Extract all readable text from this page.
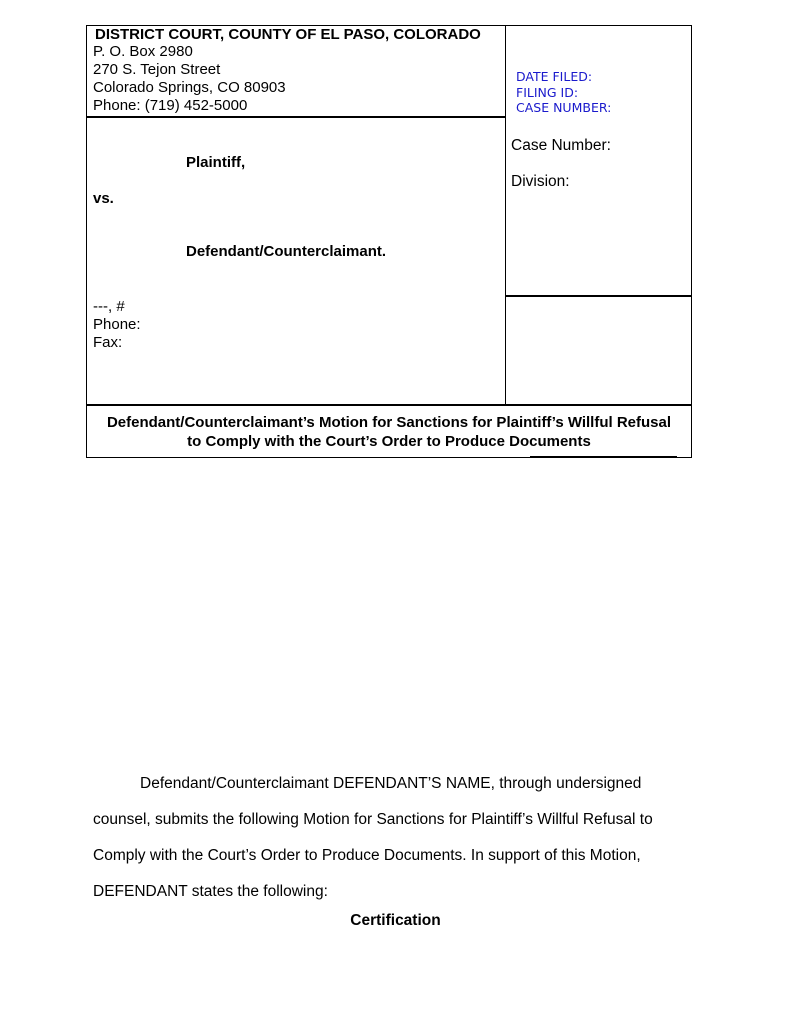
DISTRICT COURT, COUNTY OF EL PASO, COLORADO
P. O. Box 2980
270 S. Tejon Street
Colorado Springs, CO 80903
Phone: (719) 452-5000
DATE FILED:
FILING ID:
CASE NUMBER:
Case Number:
Division:
Plaintiff,
vs.
Defendant/Counterclaimant.
---, #
Phone:
Fax:
Defendant/Counterclaimant’s Motion for Sanctions for Plaintiff’s Willful Refusal
to Comply with the Court’s Order to Produce Documents
Defendant/Counterclaimant DEFENDANT’S NAME, through undersigned
counsel, submits the following Motion for Sanctions for Plaintiff’s Willful Refusal to
Comply with the Court’s Order to Produce Documents. In support of this Motion,
DEFENDANT states the following:
Certification
